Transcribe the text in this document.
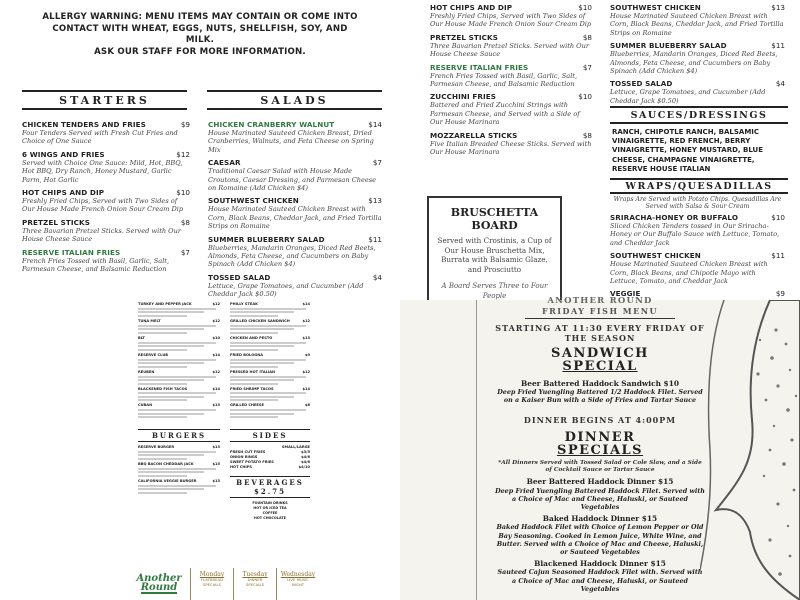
ALLERGY WARNING: MENU ITEMS MAY CONTAIN OR COME INTO
CONTACT WITH WHEAT, EGGS, NUTS, SHELLFISH, SOY, AND MILK.
ASK OUR STAFF FOR MORE INFORMATION.
STARTERS	SALADS
CHICKEN TENDERS AND FRIES	$9
Four Tenders Served with Fresh Cut Fries and Choice of One Sauce
6 WINGS AND FRIES	$12
Served with Choice One Sauce: Mild, Hot, BBQ, Hot BBQ, Dry Ranch, Honey Mustard, Garlic Parm, Hot Garlic
HOT CHIPS AND DIP	$10
Freshly Fried Chips, Served with Two Sides of Our House Made French Onion Sour Cream Dip
PRETZEL STICKS	$8
Three Bavarian Pretzel Sticks. Served with Our House Cheese Sauce
RESERVE ITALIAN FRIES	$7
French Fries Tossed with Basil, Garlic, Salt, Parmesan Cheese, and Balsamic Reduction
CHICKEN CRANBERRY WALNUT	$14
House Marinated Sauteed Chicken Breast, Dried Cranberries, Walnuts, and Feta Cheese on Spring Mix
CAESAR	$7
Traditional Caesar Salad with House Made Croutons, Caesar Dressing, and Parmesan Cheese on Romaine (Add Chicken $4)
SOUTHWEST CHICKEN	$13
House Marinated Sauteed Chicken Breast with Corn, Black Beans, Cheddar Jack, and Fried Tortilla Strips on Romaine
SUMMER BLUEBERRY SALAD	$11
Blueberries, Mandarin Oranges, Diced Red Beets, Almonds, Feta Cheese, and Cucumbers on Baby Spinach (Add Chicken $4)
TOSSED SALAD	$4
Lettuce, Grape Tomatoes, and Cucumber (Add Cheddar Jack $0.50)
HOT CHIPS AND DIP	$10
Freshly Fried Chips, Served with Two Sides of Our House Made French Onion Sour Cream Dip
PRETZEL STICKS	$8
Three Bavarian Pretzel Sticks. Served with Our House Cheese Sauce
RESERVE ITALIAN FRIES	$7
French Fries Tossed with Basil, Garlic, Salt, Parmesan Cheese, and Balsamic Reduction
ZUCCHINI FRIES	$10
Battered and Fried Zucchini Strings with Parmesan Cheese, and Served with a Side of Our House Marinara
MOZZARELLA STICKS	$8
Five Italian Breaded Cheese Sticks. Served with Our House Marinara
SOUTHWEST CHICKEN	$13
House Marinated Sauteed Chicken Breast with Corn, Black Beans, Cheddar Jack, and Fried Tortilla Strips on Romaine
SUMMER BLUEBERRY SALAD	$11
Blueberries, Mandarin Oranges, Diced Red Beets, Almonds, Feta Cheese, and Cucumbers on Baby Spinach (Add Chicken $4)
TOSSED SALAD	$4
Lettuce, Grape Tomatoes, and Cucumber (Add Cheddar Jack $0.50)
SAUCES/DRESSINGS
WRAPS/QUESADILLAS
Wraps Are Served with Potato Chips. Quesadillas Are Served with Salsa & Sour Cream
SRIRACHA-HONEY OR BUFFALO	$10
Sliced Chicken Tenders tossed in Our Sriracha-Honey or Our Buffalo Sauce with Lettuce, Tomato, and Cheddar Jack
SOUTHWEST CHICKEN	$11
House Marinated Sauteed Chicken Breast with Corn, Black Beans, and Chipotle Mayo with Lettuce, Tomato, and Cheddar Jack
VEGGIE	$9
RANCH, CHIPOTLE RANCH, BALSAMIC VINAIGRETTE, RED FRENCH, BERRY VINAIGRETTE, HONEY MUSTARD, BLUE CHEESE, CHAMPAGNE VINAIGRETTE, RESERVE HOUSE ITALIAN
BRUSCHETTA BOARD
Served with Crostinis, a Cup of Our House Bruschetta Mix, Burrata with Balsamic Glaze, and Prosciutto
A Board Serves Three to Four People
TURKEY AND PEPPER JACK	$12
TUNA MELT	$12
BLT	$10
RESERVE CLUB	$14
REUBEN	$12
BLACKENED FISH TACOS	$14
CUBAN	$13
PHILLY STEAK	$14
GRILLED CHICKEN SANDWICH	$12
CHICKEN AND PESTO	$13
FRIED BOLOGNA	$9
PRESSED HOT ITALIAN	$12
FRIED SHRIMP TACOS	$14
GRILLED CHEESE	$8
BURGERS
RESERVE BURGER	$13
BBQ BACON CHEDDAR JACK	$15
CALIFORNIA VEGGIE BURGER	$13
SIDES
SMALL/LARGE
FRESH CUT FRIES	$3/5
ONION RINGS	$4/6
SWEET POTATO FRIES	$4/6
HOT CHIPS	$4/10
BEVERAGES $2.75
FOUNTAIN DRINKS
HOT OR ICED TEA
COFFEE
HOT CHOCOLATE
Another
Round
Monday
FLATBREAD
SPECIALS
Tuesday
DINNER
SPECIALS
Wednesday
LIVE MUSIC
NIGHT
ANOTHER ROUND
FRIDAY FISH MENU
STARTING AT 11:30 EVERY FRIDAY OF THE SEASON
SANDWICH
SPECIAL
Beer Battered Haddock Sandwich $10
Deep Fried Yuengling Battered 1/2 Haddock Filet. Served on a Kaiser Bun with a Side of Fries and Tartar Sauce
DINNER BEGINS AT 4:00PM
DINNER
SPECIALS
*All Dinners Served with Tossed Salad or Cole Slaw, and a Side of Cocktail Sauce or Tartar Sauce
Beer Battered Haddock Dinner $15
Deep Fried Yuengling Battered Haddock Filet. Served with a Choice of Mac and Cheese, Haluski, or Sauteed Vegetables
Baked Haddock Dinner $15
Baked Haddock Filet with Choice of Lemon Pepper or Old Bay Seasoning. Cooked in Lemon Juice, White Wine, and Butter. Served with a Choice of Mac and Cheese, Haluski, or Sauteed Vegetables
Blackened Haddock Dinner $15
Sauteed Cajun Seasoned Haddock Filet with. Served with a Choice of Mac and Cheese, Haluski, or Sauteed Vegetables
